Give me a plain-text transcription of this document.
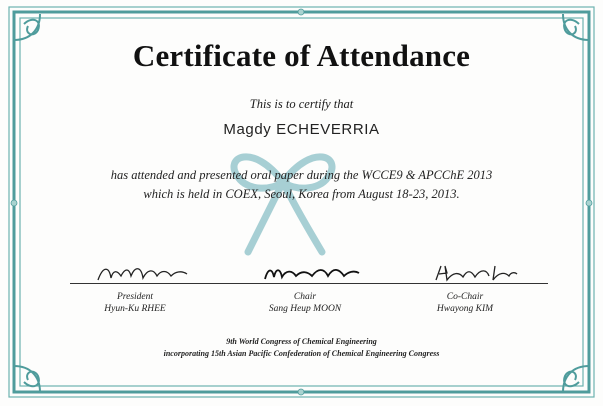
Certificate of Attendance
This is to certify that
Magdy ECHEVERRIA
has attended and presented oral paper during the WCCE9 & APCChE 2013
which is held in COEX, Seoul, Korea from August 18-23, 2013.
President
Hyun-Ku RHEE
Chair
Sang Heup MOON
Co-Chair
Hwayong KIM
9th World Congress of Chemical Engineering
incorporating 15th Asian Pacific Confederation of Chemical Engineering Congress
